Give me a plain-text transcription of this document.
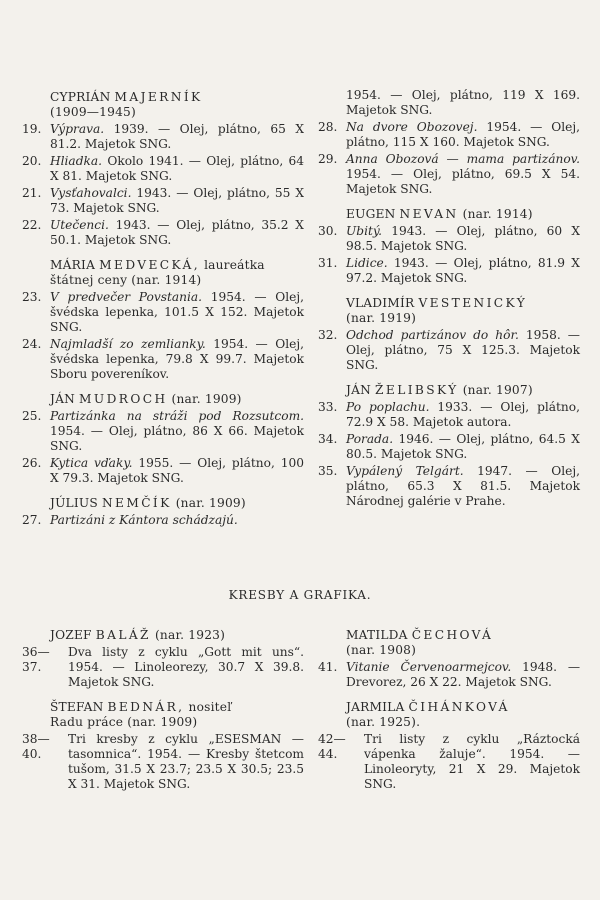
CYPRIÁN MAJERNÍK
(1909—1945)
19. Výprava. 1939. — Olej, plátno, 65 X 81.2. Majetok SNG.
20. Hliadka. Okolo 1941. — Olej, plátno, 64 X 81. Majetok SNG.
21. Vysťahovalci. 1943. — Olej, plátno, 55 X 73. Majetok SNG.
22. Utečenci. 1943. — Olej, plátno, 35.2 X 50.1. Majetok SNG.
MÁRIA MEDVECKÁ, laureátka
štátnej ceny (nar. 1914)
23. V predvečer Povstania. 1954. — Olej, švédska lepenka, 101.5 X 152. Majetok SNG.
24. Najmladší zo zemlianky. 1954. — Olej, švédska lepenka, 79.8 X 99.7. Majetok Sboru povereníkov.
JÁN MUDROCH (nar. 1909)
25. Partizánka na stráži pod Rozsutcom. 1954. — Olej, plátno, 86 X 66. Majetok SNG.
26. Kytica vďaky. 1955. — Olej, plátno, 100 X 79.3. Majetok SNG.
JÚLIUS NEMČÍK (nar. 1909)
27. Partizáni z Kántora schádzajú.
1954. — Olej, plátno, 119 X 169. Majetok SNG.
28. Na dvore Obozovej. 1954. — Olej, plátno, 115 X 160. Majetok SNG.
29. Anna Obozová — mama partizánov. 1954. — Olej, plátno, 69.5 X 54. Majetok SNG.
EUGEN NEVAN (nar. 1914)
30. Ubitý. 1943. — Olej, plátno, 60 X 98.5. Majetok SNG.
31. Lidice. 1943. — Olej, plátno, 81.9 X 97.2. Majetok SNG.
VLADIMÍR VESTENICKÝ
(nar. 1919)
32. Odchod partizánov do hôr. 1958. — Olej, plátno, 75 X 125.3. Majetok SNG.
JÁN ŽELIBSKÝ (nar. 1907)
33. Po poplachu. 1933. — Olej, plátno, 72.9 X 58. Majetok autora.
34. Porada. 1946. — Olej, plátno, 64.5 X 80.5. Majetok SNG.
35. Vypálený Telgárt. 1947. — Olej, plátno, 65.3 X 81.5. Majetok Národnej galérie v Prahe.
KRESBY A GRAFIKA.
JOZEF BALÁŽ (nar. 1923)
36—37.
Dva listy z cyklu „Gott mit uns“. 1954. — Linoleorezy, 30.7 X 39.8. Majetok SNG.
ŠTEFAN BEDNÁR, nositeľ
Radu práce (nar. 1909)
38—40.
Tri kresby z cyklu „ESESMAN — tasomnica“. 1954. — Kresby štetcom tušom, 31.5 X 23.7; 23.5 X 30.5; 23.5 X 31. Majetok SNG.
MATILDA ČECHOVÁ
(nar. 1908)
41. Vitanie Červenoarmejcov. 1948. — Drevorez, 26 X 22. Majetok SNG.
JARMILA ČIHÁNKOVÁ
(nar. 1925).
42—44.
Tri listy z cyklu „Ráztocká vápenka žaluje“. 1954. — Linoleoryty, 21 X 29. Majetok SNG.
